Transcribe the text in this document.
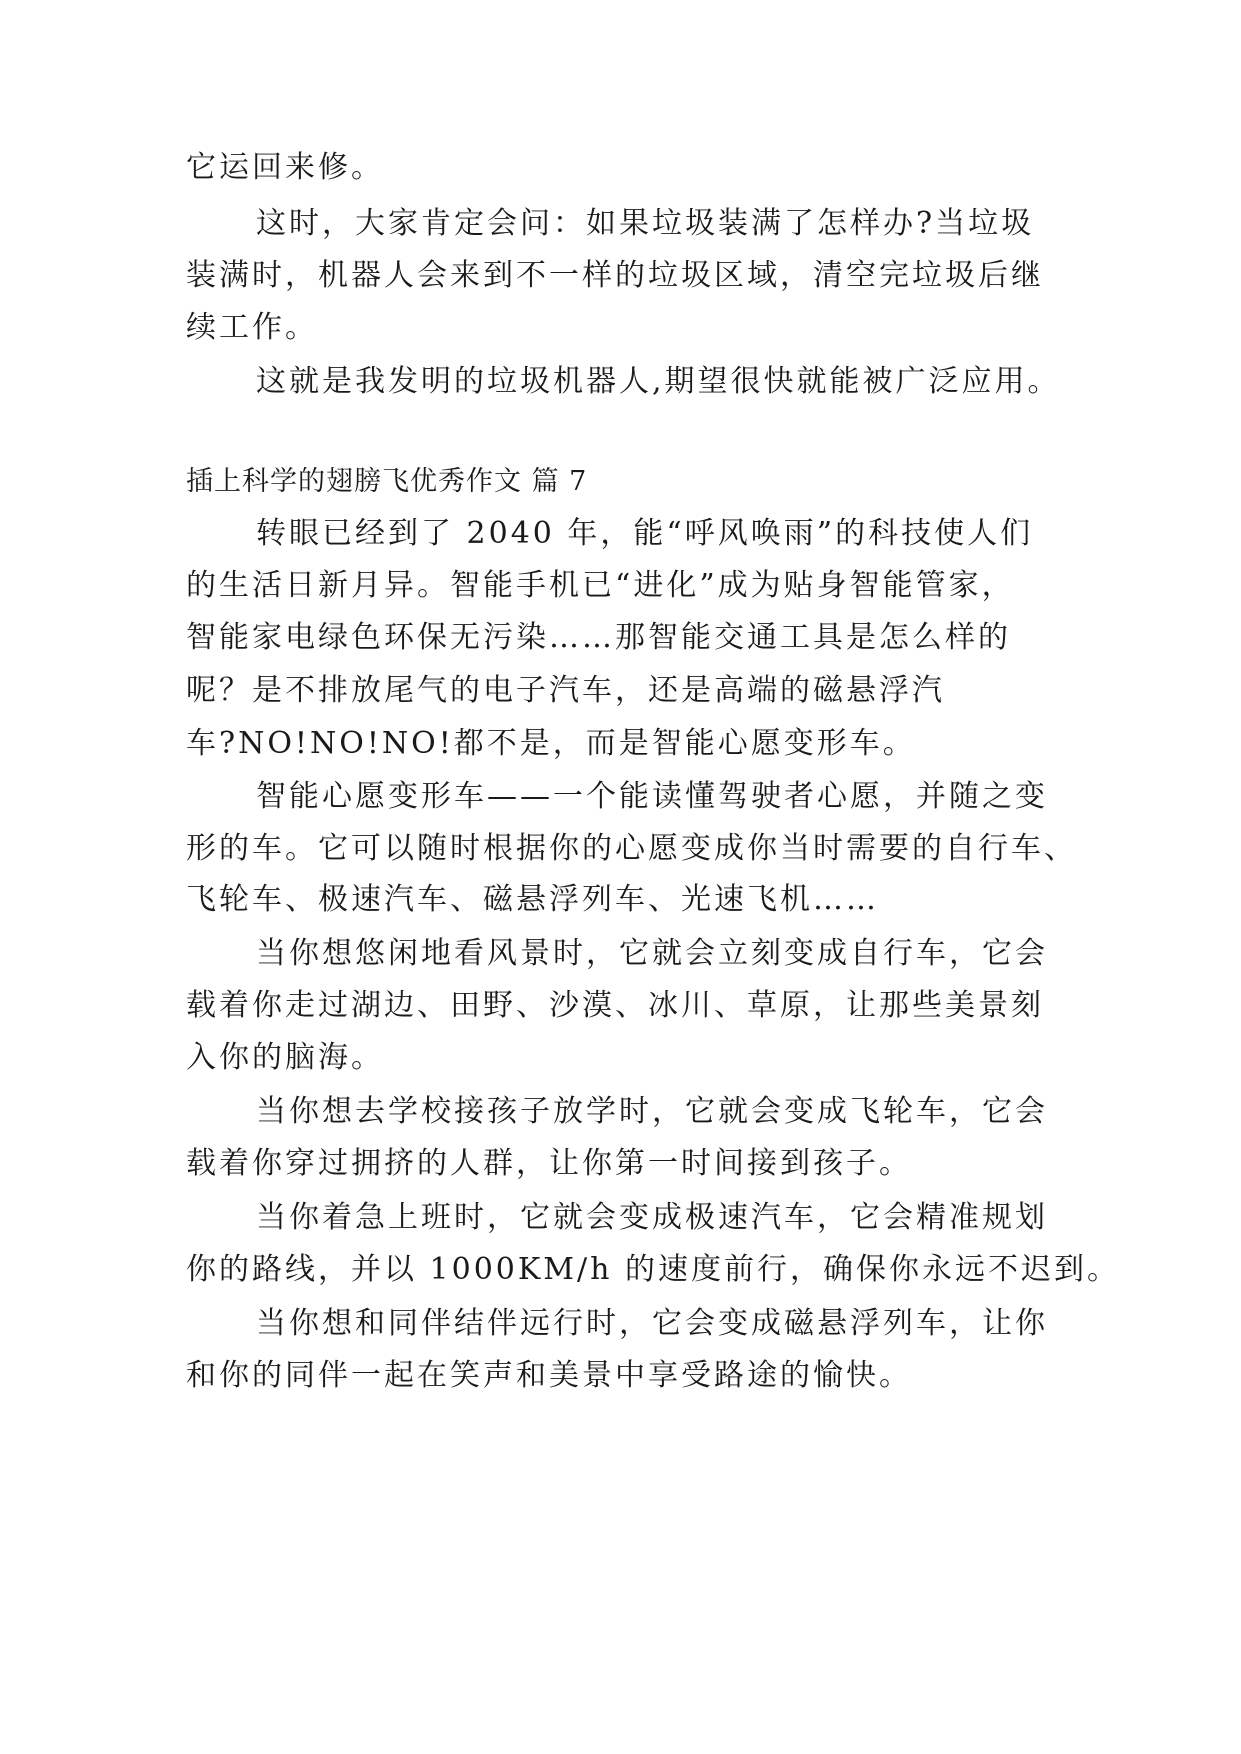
它运回来修。
这时，大家肯定会问：如果垃圾装满了怎样办?当垃圾
装满时，机器人会来到不一样的垃圾区域，清空完垃圾后继
续工作。
这就是我发明的垃圾机器人,期望很快就能被广泛应用。
插上科学的翅膀飞优秀作文 篇 7
转眼已经到了 2040 年，能“呼风唤雨”的科技使人们
的生活日新月异。智能手机已“进化”成为贴身智能管家，
智能家电绿色环保无污染……那智能交通工具是怎么样的
呢？是不排放尾气的电子汽车，还是高端的磁悬浮汽
车?NO!NO!NO!都不是，而是智能心愿变形车。
智能心愿变形车——一个能读懂驾驶者心愿，并随之变
形的车。它可以随时根据你的心愿变成你当时需要的自行车、
飞轮车、极速汽车、磁悬浮列车、光速飞机……
当你想悠闲地看风景时，它就会立刻变成自行车，它会
载着你走过湖边、田野、沙漠、冰川、草原，让那些美景刻
入你的脑海。
当你想去学校接孩子放学时，它就会变成飞轮车，它会
载着你穿过拥挤的人群，让你第一时间接到孩子。
当你着急上班时，它就会变成极速汽车，它会精准规划
你的路线，并以 1000KM/h 的速度前行，确保你永远不迟到。
当你想和同伴结伴远行时，它会变成磁悬浮列车，让你
和你的同伴一起在笑声和美景中享受路途的愉快。
